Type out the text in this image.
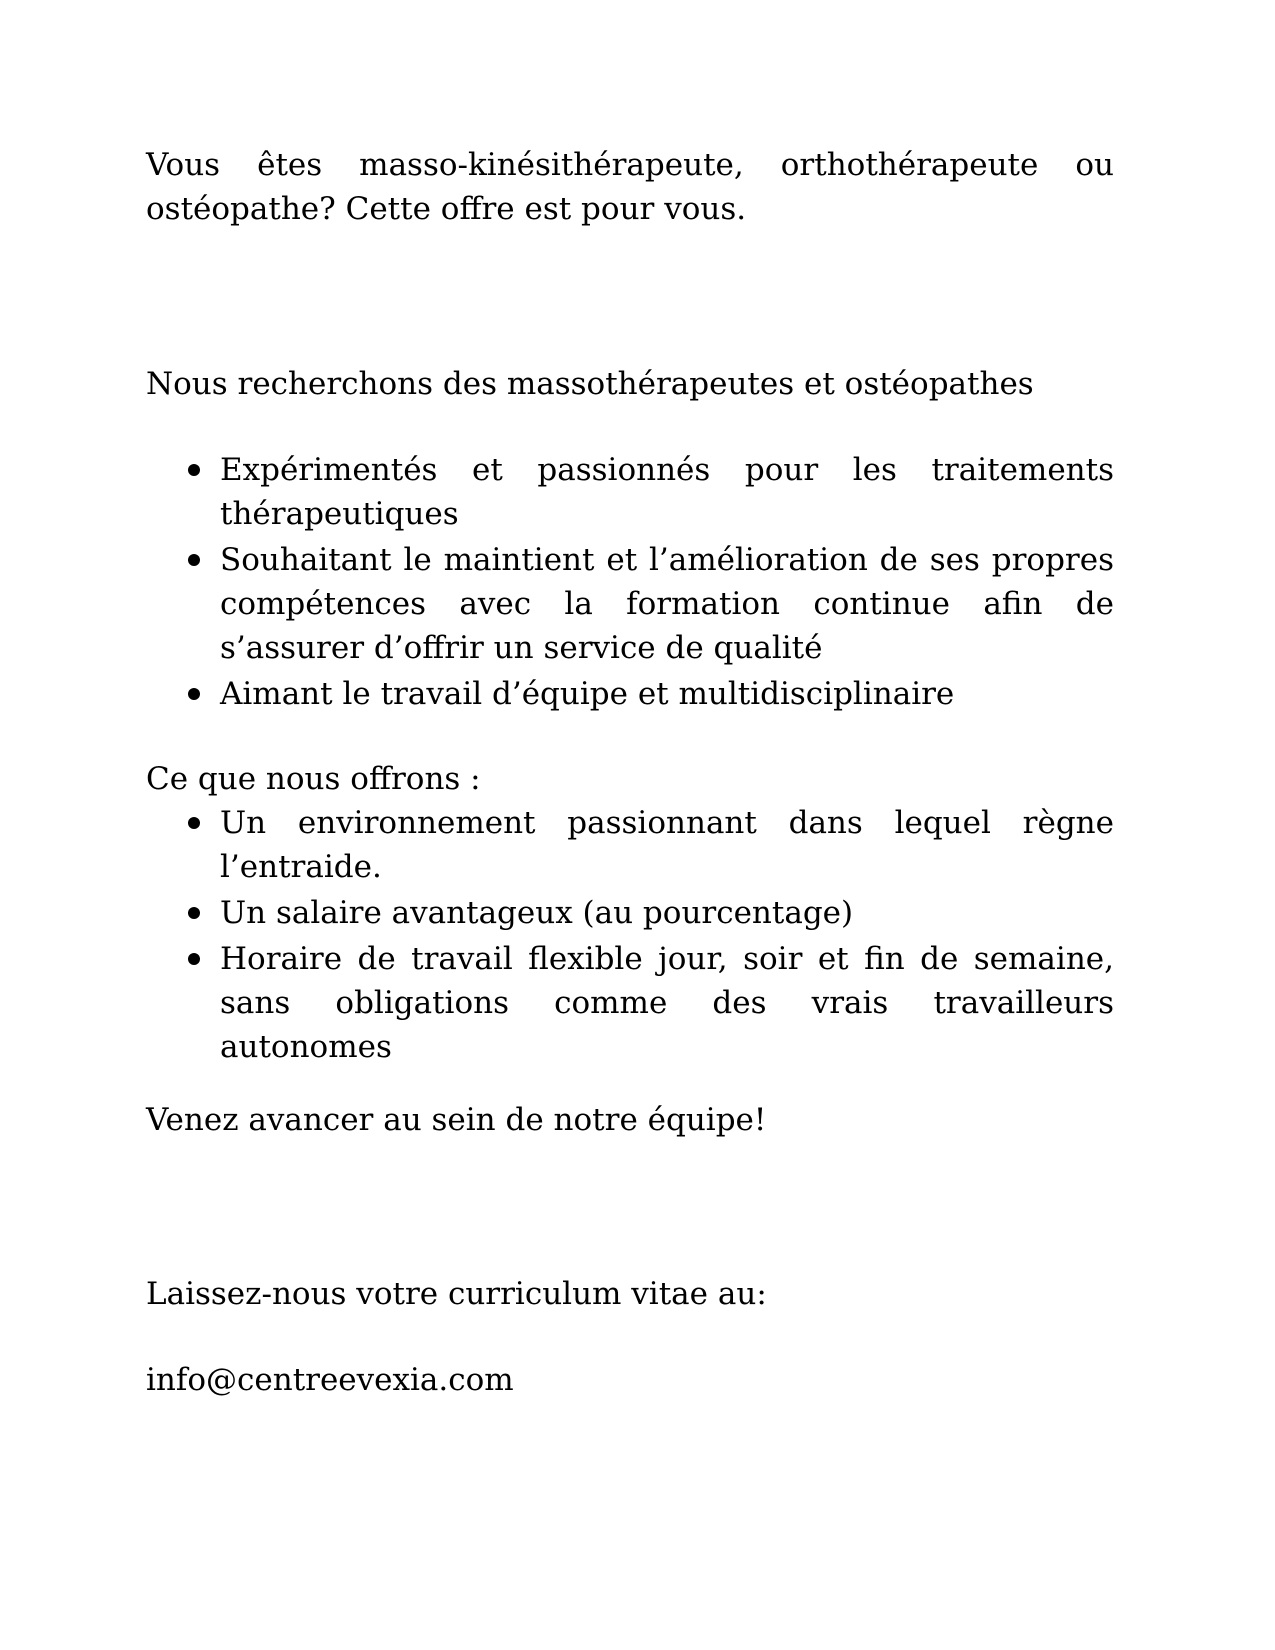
Vous êtes masso-kinésithérapeute, orthothérapeute ou ostéopathe? Cette offre est pour vous.

Nous recherchons des massothérapeutes et ostéopathes

Expérimentés et passionnés pour les traitements thérapeutiques
Souhaitant le maintient et l’amélioration de ses propres compétences avec la formation continue afin de s’assurer d’offrir un service de qualité
Aimant le travail d’équipe et multidisciplinaire

Ce que nous offrons :

Un environnement passionnant dans lequel règne l’entraide.
Un salaire avantageux (au pourcentage)
Horaire de travail flexible jour, soir et fin de semaine, sans obligations comme des vrais travailleurs autonomes

Venez avancer au sein de notre équipe!

Laissez-nous votre curriculum vitae au:

info@centreevexia.com
